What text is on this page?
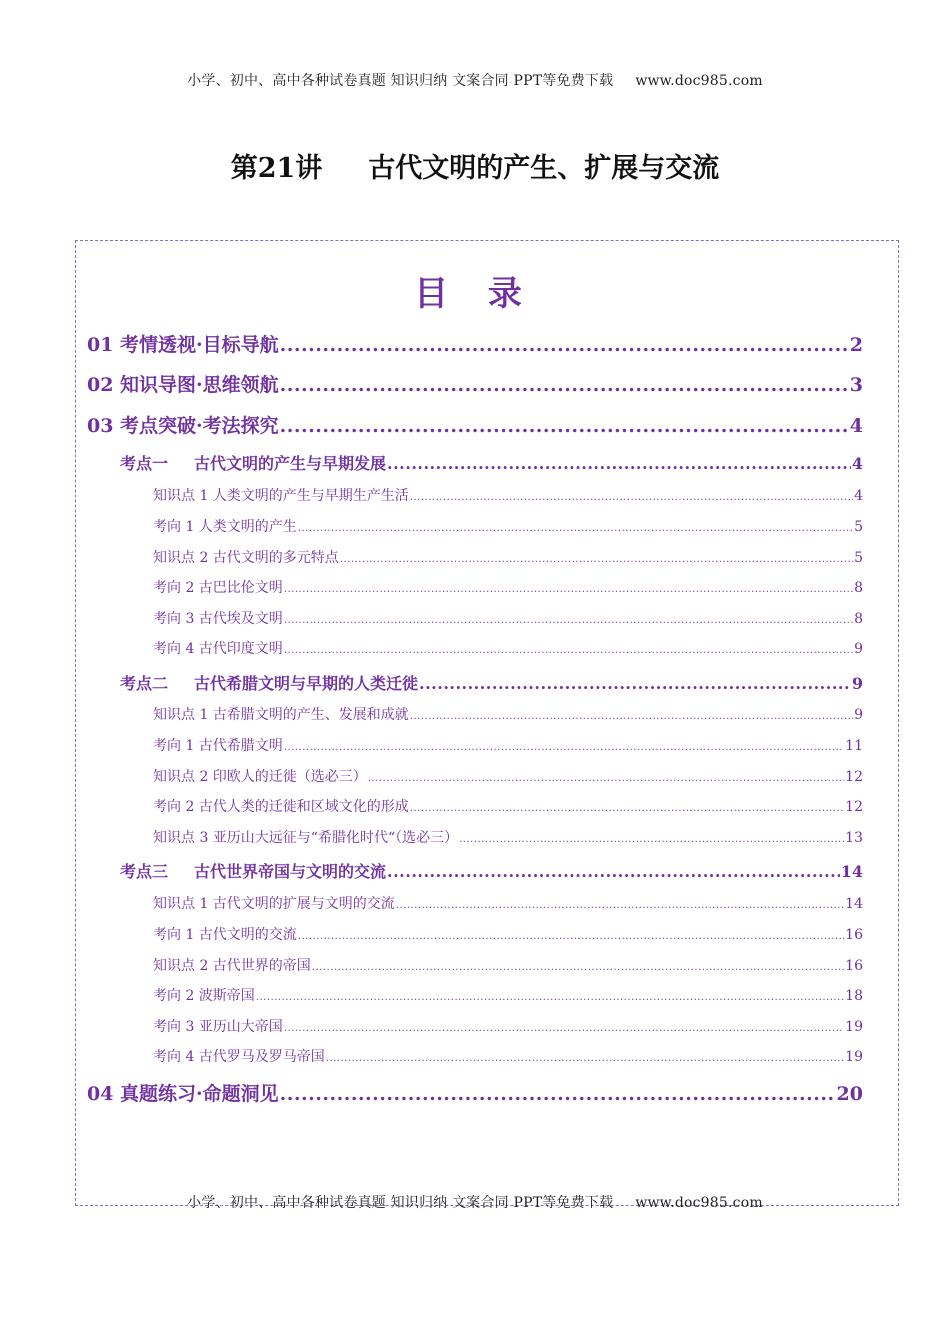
小学、初中、高中各种试卷真题 知识归纳 文案合同 PPT等免费下载 www.doc985.com
第21讲 古代文明的产生、扩展与交流
目 录
01 考情透视·目标导航 .....	2
02 知识导图·思维领航 .....	3
03 考点突破·考法探究 .....	4
考点一 古代文明的产生与早期发展 .....	4
知识点 1 人类文明的产生与早期生产生活 .....	4
考向 1 人类文明的产生 .....	5
知识点 2 古代文明的多元特点 .....	5
考向 2 古巴比伦文明 .....	8
考向 3 古代埃及文明 .....	8
考向 4 古代印度文明 .....	9
考点二 古代希腊文明与早期的人类迁徙 .....	9
知识点 1 古希腊文明的产生、发展和成就 .....	9
考向 1 古代希腊文明 .....	11
知识点 2 印欧人的迁徙（选必三） .....	12
考向 2 古代人类的迁徙和区域文化的形成 .....	12
知识点 3 亚历山大远征与“希腊化时代“（选必三） .....	13
考点三 古代世界帝国与文明的交流 .....	14
知识点 1 古代文明的扩展与文明的交流 .....	14
考向 1 古代文明的交流 .....	16
知识点 2 古代世界的帝国 .....	16
考向 2 波斯帝国 .....	18
考向 3 亚历山大帝国 .....	19
考向 4 古代罗马及罗马帝国 .....	19
04 真题练习·命题洞见 .....	20
小学、初中、高中各种试卷真题 知识归纳 文案合同 PPT等免费下载 www.doc985.com
